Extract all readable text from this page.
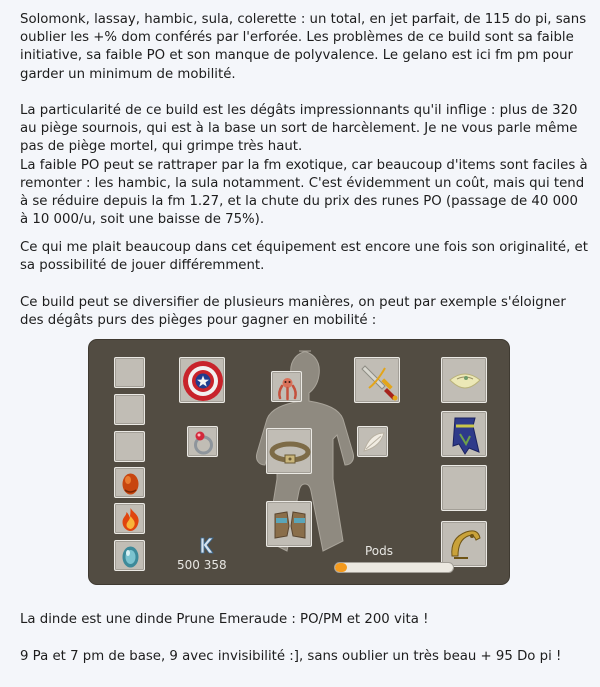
Solomonk, lassay, hambic, sula, colerette : un total, en jet parfait, de 115 do pi, sans oublier les +% dom conférés par l'erforée. Les problèmes de ce build sont sa faible initiative, sa faible PO et son manque de polyvalence. Le gelano est ici fm pm pour garder un minimum de mobilité.

La particularité de ce build est les dégâts impressionnants qu'il inflige : plus de 320 au piège sournois, qui est à la base un sort de harcèlement. Je ne vous parle même pas de piège mortel, qui grimpe très haut.
La faible PO peut se rattraper par la fm exotique, car beaucoup d'items sont faciles à remonter : les hambic, la sula notamment. C'est évidemment un coût, mais qui tend à se réduire depuis la fm 1.27, et la chute du prix des runes PO (passage de 40 000 à 10 000/u, soit une baisse de 75%).

Ce qui me plait beaucoup dans cet équipement est encore une fois son originalité, et sa possibilité de jouer différemment.

Ce build peut se diversifier de plusieurs manières, on peut par exemple s'éloigner des dégâts purs des pièges pour gagner en mobilité :

500 358
Pods

La dinde est une dinde Prune Emeraude : PO/PM et 200 vita !

9 Pa et 7 pm de base, 9 avec invisibilité :], sans oublier un très beau + 95 Do pi !
